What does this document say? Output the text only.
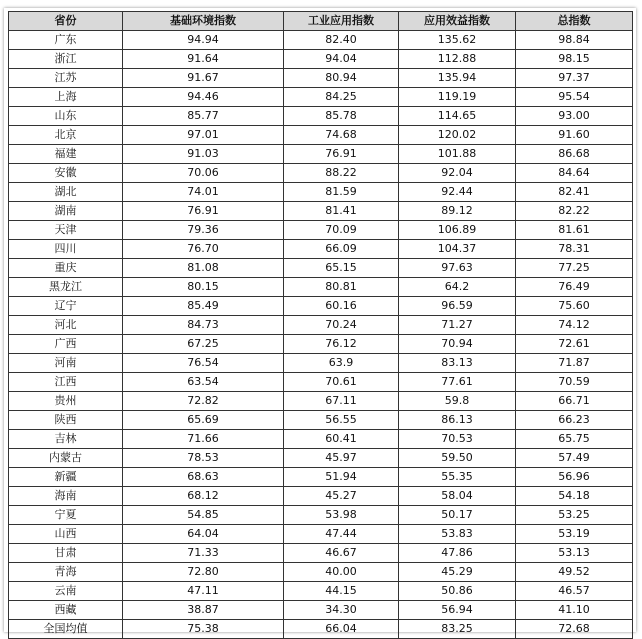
省份	基础环境指数	工业应用指数	应用效益指数	总指数
广东	94.94	82.40	135.62	98.84
浙江	91.64	94.04	112.88	98.15
江苏	91.67	80.94	135.94	97.37
上海	94.46	84.25	119.19	95.54
山东	85.77	85.78	114.65	93.00
北京	97.01	74.68	120.02	91.60
福建	91.03	76.91	101.88	86.68
安徽	70.06	88.22	92.04	84.64
湖北	74.01	81.59	92.44	82.41
湖南	76.91	81.41	89.12	82.22
天津	79.36	70.09	106.89	81.61
四川	76.70	66.09	104.37	78.31
重庆	81.08	65.15	97.63	77.25
黑龙江	80.15	80.81	64.2	76.49
辽宁	85.49	60.16	96.59	75.60
河北	84.73	70.24	71.27	74.12
广西	67.25	76.12	70.94	72.61
河南	76.54	63.9	83.13	71.87
江西	63.54	70.61	77.61	70.59
贵州	72.82	67.11	59.8	66.71
陕西	65.69	56.55	86.13	66.23
吉林	71.66	60.41	70.53	65.75
内蒙古	78.53	45.97	59.50	57.49
新疆	68.63	51.94	55.35	56.96
海南	68.12	45.27	58.04	54.18
宁夏	54.85	53.98	50.17	53.25
山西	64.04	47.44	53.83	53.19
甘肃	71.33	46.67	47.86	53.13
青海	72.80	40.00	45.29	49.52
云南	47.11	44.15	50.86	46.57
西藏	38.87	34.30	56.94	41.10
全国均值	75.38	66.04	83.25	72.68
